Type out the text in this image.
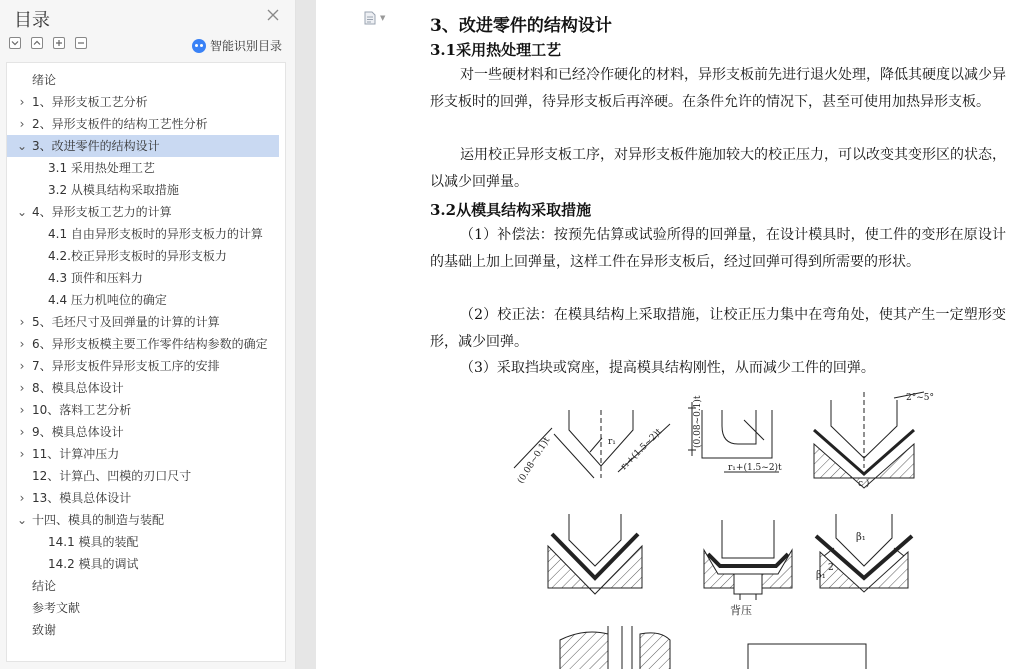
目录
智能识别目录
绪论
› 1、异形支板工艺分析
› 2、异形支板件的结构工艺性分析
⌄ 3、改进零件的结构设计
3.1 采用热处理工艺
3.2 从模具结构采取措施
⌄ 4、异形支板工艺力的计算
4.1 自由异形支板时的异形支板力的计算
4.2.校正异形支板时的异形支板力
4.3 顶件和压料力
4.4 压力机吨位的确定
› 5、毛坯尺寸及回弹量的计算的计算
› 6、异形支板模主要工作零件结构参数的确定
› 7、异形支板件异形支板工序的安排
› 8、模具总体设计
› 10、落料工艺分析
› 9、模具总体设计
› 11、计算冲压力
12、计算凸、凹模的刃口尺寸
› 13、模具总体设计
⌄ 十四、模具的制造与装配
14.1 模具的装配
14.2 模具的调试
结论
参考文献
致谢
▼	3、改进零件的结构设计
3.1采用热处理工艺

对一些硬材料和已经冷作硬化的材料，异形支板前先进行退火处理，降低其硬度以减少异形支板时的回弹，待异形支板后再淬硬。在条件允许的情况下，甚至可使用加热异形支板。

运用校正异形支板工序，对异形支板件施加较大的校正压力，可以改变其变形区的状态，以减少回弹量。

3.2从模具结构采取措施

（1）补偿法：按预先估算或试验所得的回弹量，在设计模具时，使工件的变形在原设计的基础上加上回弹量，这样工件在异形支板后，经过回弹可得到所需要的形状。

（2）校正法：在模具结构上采取措施，让校正压力集中在弯角处，使其产生一定塑形变形，减少回弹。

（3）采取挡块或窝座，提高模具结构刚性，从而减少工件的回弹。

(0.08~0.1)t	r₁+(1.5~2)t
r₁	(0.08~0.1)t
r₁+(1.5~2)t
2°~5°
c )
背压
β₁
β₁
2
